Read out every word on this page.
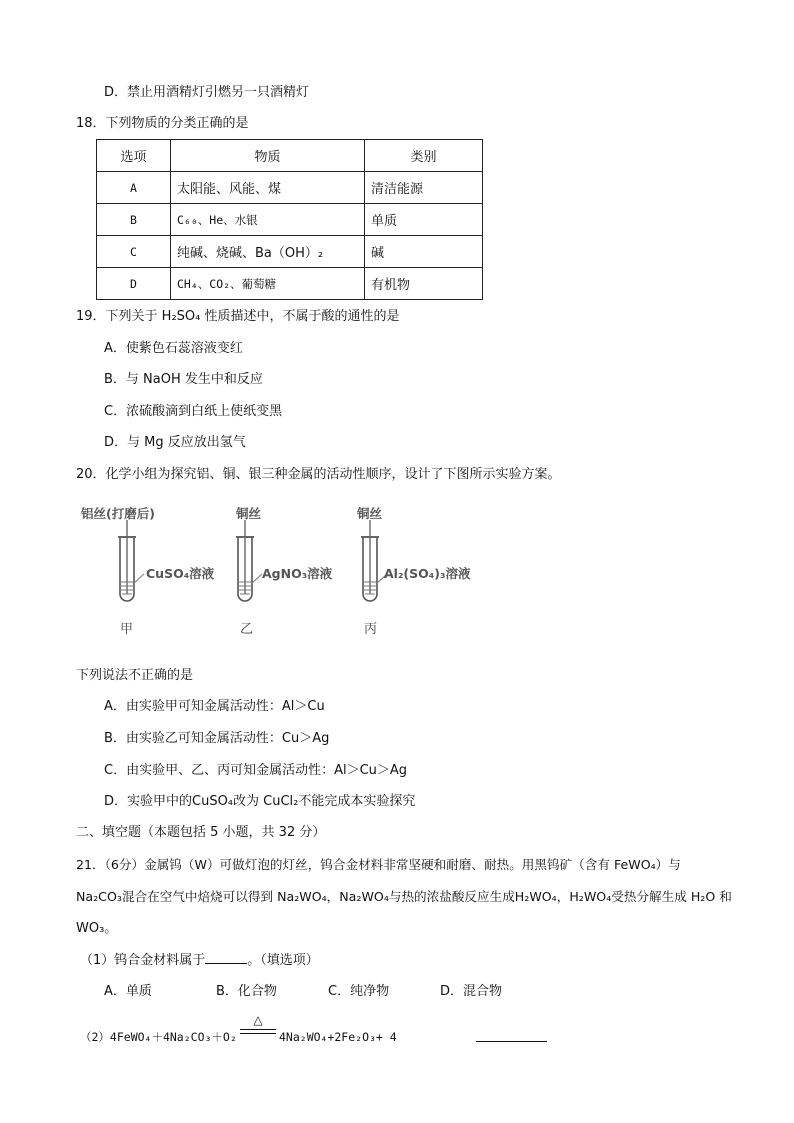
D．禁止用酒精灯引燃另一只酒精灯
18．下列物质的分类正确的是
选项	物质	类别
A	太阳能、风能、煤	清洁能源
B	C₆₀、He、水银	单质
C	纯碱、烧碱、Ba（OH）₂	碱
D	CH₄、CO₂、葡萄糖	有机物
19．下列关于 H₂SO₄ 性质描述中，不属于酸的通性的是
A．使紫色石蕊溶液变红
B．与 NaOH 发生中和反应
C．浓硫酸滴到白纸上使纸变黑
D．与 Mg 反应放出氢气
20．化学小组为探究铝、铜、银三种金属的活动性顺序，设计了下图所示实验方案。
铝丝(打磨后)
CuSO₄溶液
甲
铜丝
AgNO₃溶液
乙
铜丝
Al₂(SO₄)₃溶液
丙
下列说法不正确的是
A．由实验甲可知金属活动性：Al＞Cu
B．由实验乙可知金属活动性：Cu＞Ag
C．由实验甲、乙、丙可知金属活动性：Al＞Cu＞Ag
D．实验甲中的CuSO₄改为 CuCl₂不能完成本实验探究
二、填空题（本题包括 5 小题，共 32 分）
21．（6分）金属钨（W）可做灯泡的灯丝，钨合金材料非常坚硬和耐磨、耐热。用黑钨矿（含有 FeWO₄）与
Na₂CO₃混合在空气中焙烧可以得到 Na₂WO₄，Na₂WO₄与热的浓盐酸反应生成H₂WO₄，H₂WO₄受热分解生成 H₂O 和
WO₃。
（1）钨合金材料属于	。（填选项）
A．单质	B．化合物	C．纯净物	D．混合物
（2）4FeWO₄＋4Na₂CO₃＋O₂
△
4Na₂WO₄+2Fe₂O₃+ 4
